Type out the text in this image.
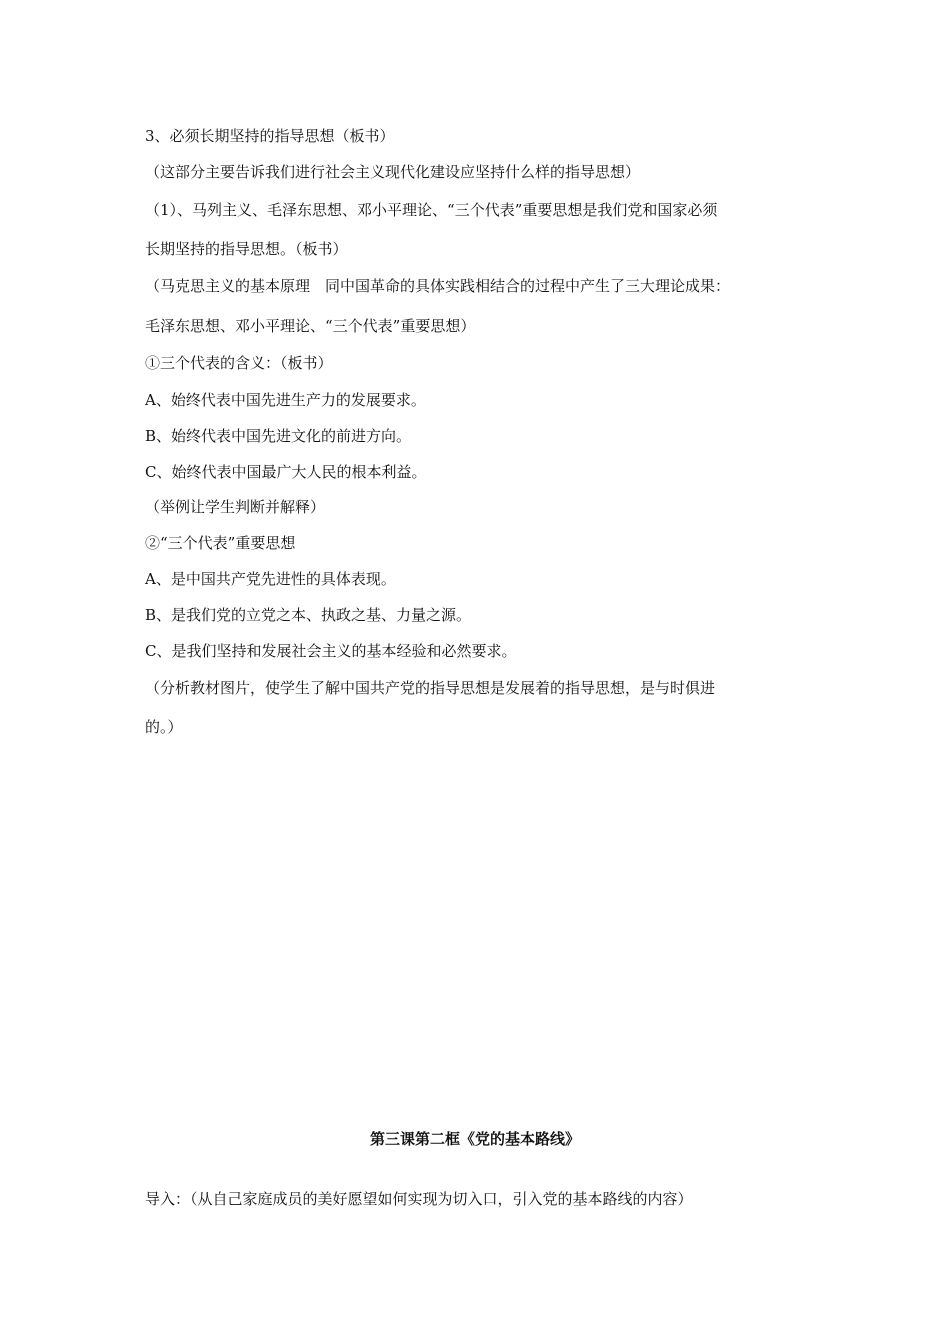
3、必须长期坚持的指导思想（板书）
（这部分主要告诉我们进行社会主义现代化建设应坚持什么样的指导思想）
（1）、马列主义、毛泽东思想、邓小平理论、“三个代表”重要思想是我们党和国家必须
长期坚持的指导思想。（板书）
（马克思主义的基本原理　同中国革命的具体实践相结合的过程中产生了三大理论成果：
毛泽东思想、邓小平理论、“三个代表”重要思想）
①三个代表的含义：（板书）
A、始终代表中国先进生产力的发展要求。
B、始终代表中国先进文化的前进方向。
C、始终代表中国最广大人民的根本利益。
（举例让学生判断并解释）
②“三个代表”重要思想
A、是中国共产党先进性的具体表现。
B、是我们党的立党之本、执政之基、力量之源。
C、是我们坚持和发展社会主义的基本经验和必然要求。
（分析教材图片，使学生了解中国共产党的指导思想是发展着的指导思想，是与时俱进
的。）
第三课第二框《党的基本路线》
导入：（从自己家庭成员的美好愿望如何实现为切入口，引入党的基本路线的内容）
